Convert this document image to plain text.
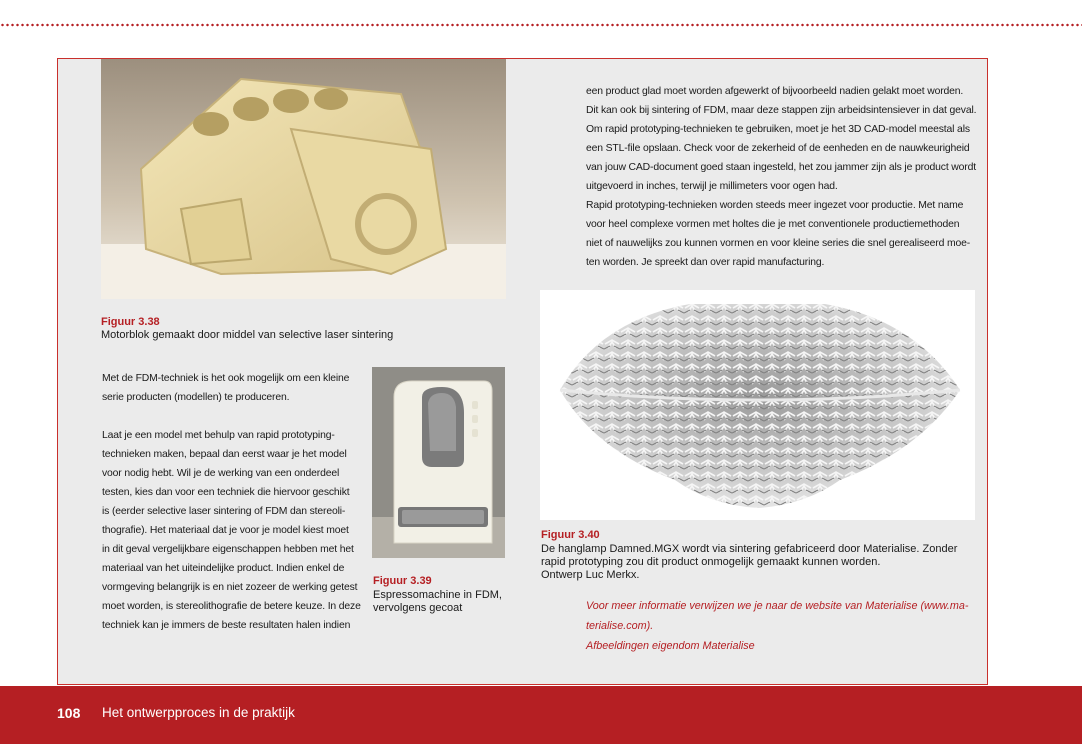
Figuur 3.38
Motorblok gemaakt door middel van selective laser sintering
Met de FDM-techniek is het ook mogelijk om een kleine
serie producten (modellen) te produceren.
Laat je een model met behulp van rapid prototyping-
technieken maken, bepaal dan eerst waar je het model
voor nodig hebt. Wil je de werking van een onderdeel
testen, kies dan voor een techniek die hiervoor geschikt
is (eerder selective laser sintering of FDM dan stereoli-
thografie). Het materiaal dat je voor je model kiest moet
in dit geval vergelijkbare eigenschappen hebben met het
materiaal van het uiteindelijke product. Indien enkel de
vormgeving belangrijk is en niet zozeer de werking getest
moet worden, is stereolithografie de betere keuze. In deze
techniek kan je immers de beste resultaten halen indien
Figuur 3.39
Espressomachine in FDM,
vervolgens gecoat
een product glad moet worden afgewerkt of bijvoorbeeld nadien gelakt moet worden.
Dit kan ook bij sintering of FDM, maar deze stappen zijn arbeidsintensiever in dat geval.
Om rapid prototyping-technieken te gebruiken, moet je het 3D CAD-model meestal als
een STL-file opslaan. Check voor de zekerheid of de eenheden en de nauwkeurigheid
van jouw CAD-document goed staan ingesteld, het zou jammer zijn als je product wordt
uitgevoerd in inches, terwijl je millimeters voor ogen had.
Rapid prototyping-technieken worden steeds meer ingezet voor productie. Met name
voor heel complexe vormen met holtes die je met conventionele productiemethoden
niet of nauwelijks zou kunnen vormen en voor kleine series die snel gerealiseerd moe-
ten worden. Je spreekt dan over rapid manufacturing.
Figuur 3.40
De hanglamp Damned.MGX wordt via sintering gefabriceerd door Materialise. Zonder
rapid prototyping zou dit product onmogelijk gemaakt kunnen worden.
Ontwerp Luc Merkx.
Voor meer informatie verwijzen we je naar de website van Materialise (www.ma-
terialise.com).
Afbeeldingen eigendom Materialise
108 Het ontwerpproces in de praktijk
